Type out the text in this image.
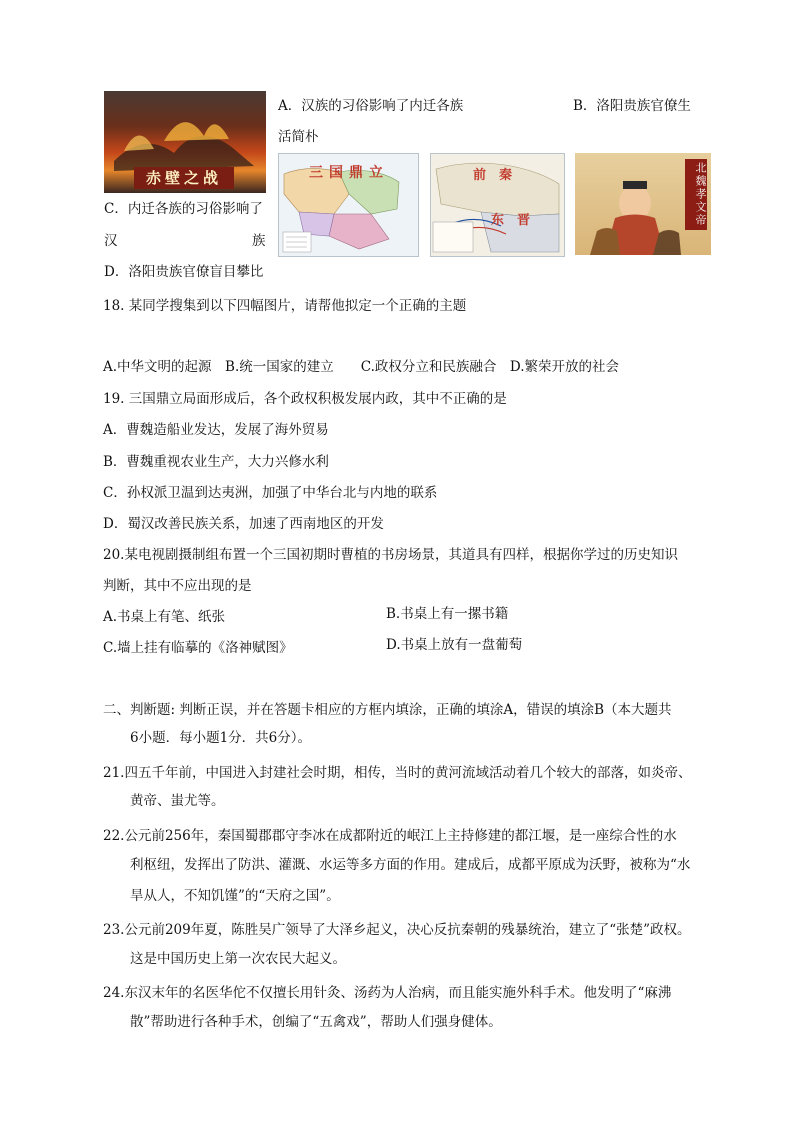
赤壁之战
A．汉族的习俗影响了内迁各族	B．洛阳贵族官僚生
活简朴
三国鼎立	前　秦
东　晋	北魏孝文帝
C．内迁各族的习俗影响了
汉	族
D．洛阳贵族官僚盲目攀比
18. 某同学搜集到以下四幅图片，请帮他拟定一个正确的主题
A.中华文明的起源　B.统一国家的建立　　C.政权分立和民族融合　D.繁荣开放的社会
19. 三国鼎立局面形成后，各个政权积极发展内政，其中不正确的是
A．曹魏造船业发达，发展了海外贸易
B．曹魏重视农业生产，大力兴修水利
C．孙权派卫温到达夷洲，加强了中华台北与内地的联系
D．蜀汉改善民族关系，加速了西南地区的开发
20.某电视剧摄制组布置一个三国初期时曹植的书房场景，其道具有四样，根据你学过的历史知识
判断，其中不应出现的是
A.书桌上有笔、纸张	B.书桌上有一摞书籍
C.墙上挂有临摹的《洛神赋图》	D.书桌上放有一盘葡萄
二、判断题: 判断正误，并在答题卡相应的方框内填涂，正确的填涂A，错误的填涂B（本大题共
6小题．每小题1分．共6分）。
21.四五千年前，中国进入封建社会时期，相传，当时的黄河流域活动着几个较大的部落，如炎帝、
黄帝、蚩尤等。
22.公元前256年，秦国蜀郡郡守李冰在成都附近的岷江上主持修建的都江堰，是一座综合性的水
利枢纽，发挥出了防洪、灌溉、水运等多方面的作用。建成后，成都平原成为沃野，被称为“水
旱从人，不知饥馑”的“天府之国”。
23.公元前209年夏，陈胜吴广领导了大泽乡起义，决心反抗秦朝的残暴统治，建立了“张楚”政权。
这是中国历史上第一次农民大起义。
24.东汉末年的名医华佗不仅擅长用针灸、汤药为人治病，而且能实施外科手术。他发明了“麻沸
散”帮助进行各种手术，创编了“五禽戏”，帮助人们强身健体。
